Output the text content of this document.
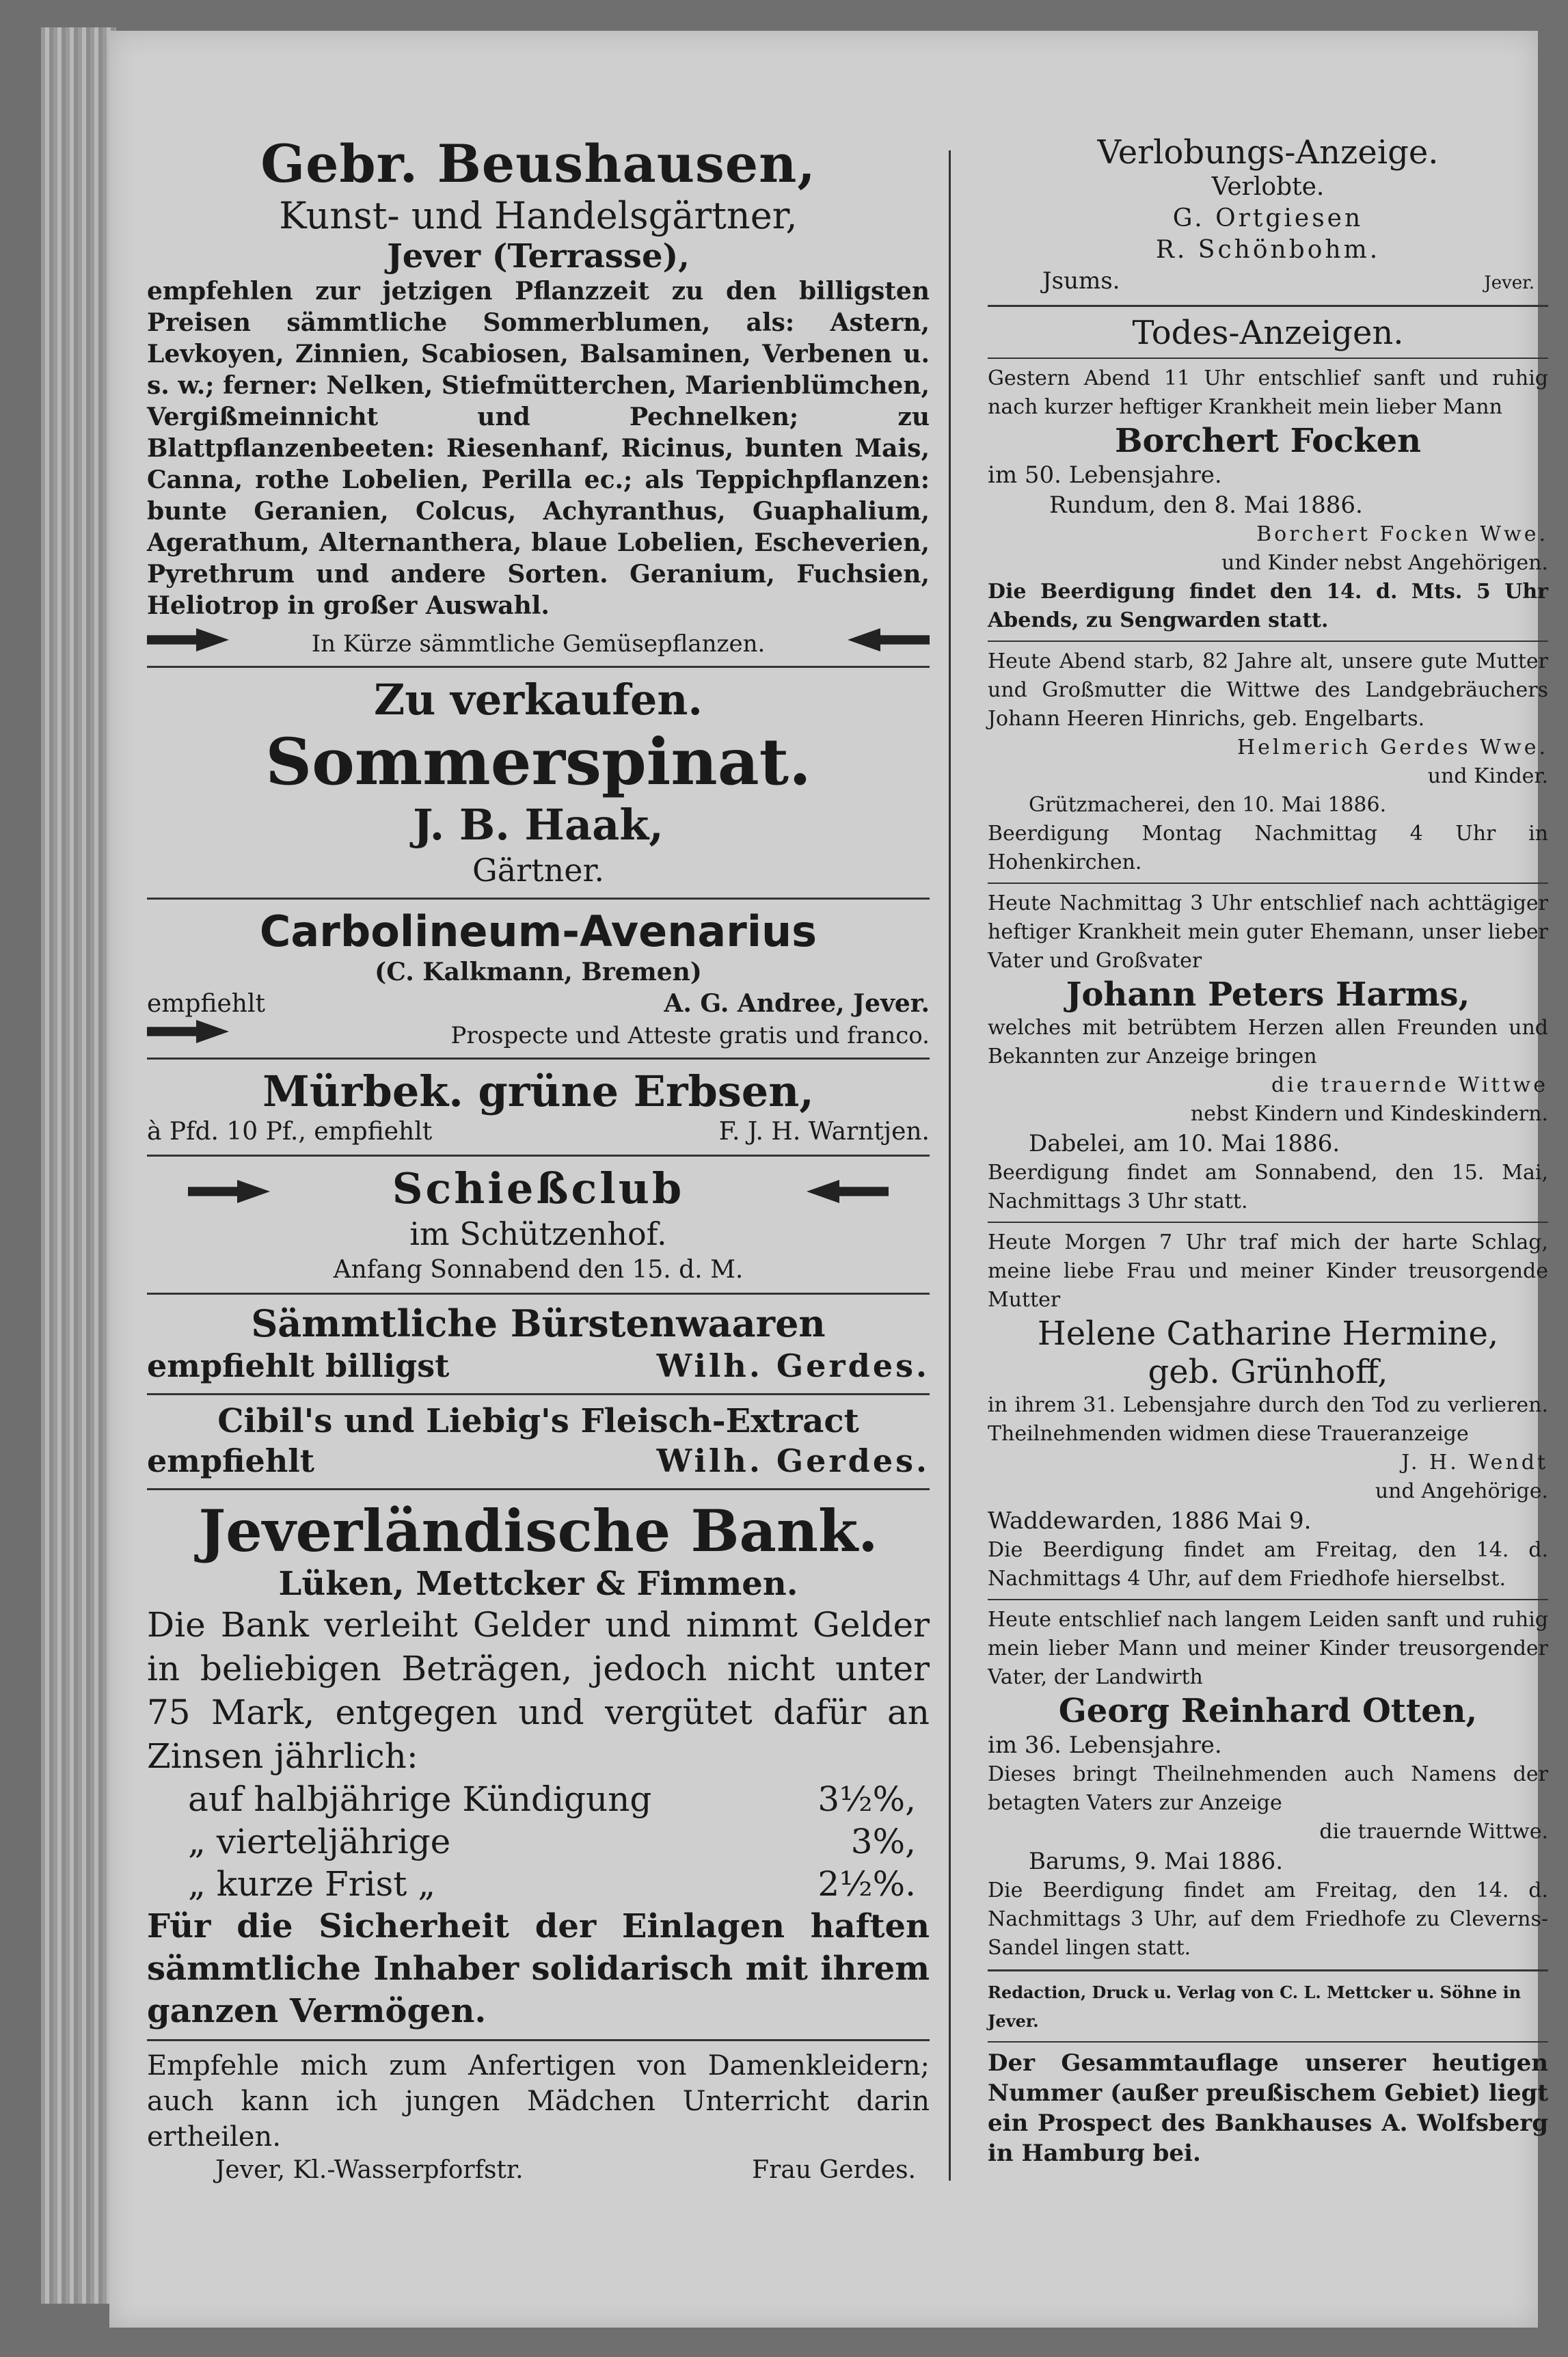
Gebr. Beushausen,
Kunst- und Handelsgärtner,
Jever (Terrasse),
empfehlen zur jetzigen Pflanzzeit zu den billigsten Preisen sämmtliche Sommerblumen, als: Astern, Levkoyen, Zinnien, Scabiosen, Balsaminen, Verbenen u. s. w.; ferner: Nelken, Stiefmütterchen, Marienblümchen, Vergißmeinnicht und Pechnelken; zu Blattpflanzenbeeten: Riesenhanf, Ricinus, bunten Mais, Canna, rothe Lobelien, Perilla ec.; als Teppichpflanzen: bunte Geranien, Colcus, Achyranthus, Guaphalium, Agerathum, Alternanthera, blaue Lobelien, Escheverien, Pyrethrum und andere Sorten. Geranium, Fuchsien, Heliotrop in großer Auswahl.
In Kürze sämmtliche Gemüsepflanzen.
Zu verkaufen.
Sommerspinat.
J. B. Haak,
Gärtner.
Carbolineum-Avenarius
(C. Kalkmann, Bremen)
empfiehlt	A. G. Andree, Jever.
Prospecte und Atteste gratis und franco.
Mürbek. grüne Erbsen,
à Pfd. 10 Pf., empfiehlt	F. J. H. Warntjen.
Schießclub
im Schützenhof.
Anfang Sonnabend den 15. d. M.
Sämmtliche Bürstenwaaren
empfiehlt billigst	Wilh. Gerdes.
Cibil's und Liebig's Fleisch-Extract
empfiehlt	Wilh. Gerdes.
Jeverländische Bank.
Lüken, Mettcker & Fimmen.
Die Bank verleiht Gelder und nimmt Gelder in beliebigen Beträgen, jedoch nicht unter 75 Mark, entgegen und vergütet dafür an Zinsen jährlich:
auf halbjährige Kündigung	3½%,
„ vierteljährige	3%,
„ kurze Frist „	2½%.
Für die Sicherheit der Einlagen haften sämmtliche Inhaber solidarisch mit ihrem ganzen Vermögen.
Empfehle mich zum Anfertigen von Damenkleidern; auch kann ich jungen Mädchen Unterricht darin ertheilen.
Jever, Kl.-Wasserpforfstr.	Frau Gerdes.
Verlobungs-Anzeige.
Verlobte.
G. Ortgiesen
R. Schönbohm.
Jsums.	Jever.
Todes-Anzeigen.
Gestern Abend 11 Uhr entschlief sanft und ruhig nach kurzer heftiger Krankheit mein lieber Mann
Borchert Focken
im 50. Lebensjahre.
Rundum, den 8. Mai 1886.
Borchert Focken Wwe.
und Kinder nebst Angehörigen.
Die Beerdigung findet den 14. d. Mts. 5 Uhr Abends, zu Sengwarden statt.
Heute Abend starb, 82 Jahre alt, unsere gute Mutter und Großmutter die Wittwe des Landgebräuchers Johann Heeren Hinrichs, geb. Engelbarts.
Helmerich Gerdes Wwe.
und Kinder.
Grützmacherei, den 10. Mai 1886.
Beerdigung Montag Nachmittag 4 Uhr in Hohenkirchen.
Heute Nachmittag 3 Uhr entschlief nach achttägiger heftiger Krankheit mein guter Ehemann, unser lieber Vater und Großvater
Johann Peters Harms,
welches mit betrübtem Herzen allen Freunden und Bekannten zur Anzeige bringen
die trauernde Wittwe
nebst Kindern und Kindeskindern.
Dabelei, am 10. Mai 1886.
Beerdigung findet am Sonnabend, den 15. Mai, Nachmittags 3 Uhr statt.
Heute Morgen 7 Uhr traf mich der harte Schlag, meine liebe Frau und meiner Kinder treusorgende Mutter
Helene Catharine Hermine,
geb. Grünhoff,
in ihrem 31. Lebensjahre durch den Tod zu verlieren. Theilnehmenden widmen diese Traueranzeige
J. H. Wendt
und Angehörige.
Waddewarden, 1886 Mai 9.
Die Beerdigung findet am Freitag, den 14. d. Nachmittags 4 Uhr, auf dem Friedhofe hierselbst.
Heute entschlief nach langem Leiden sanft und ruhig mein lieber Mann und meiner Kinder treusorgender Vater, der Landwirth
Georg Reinhard Otten,
im 36. Lebensjahre.
Dieses bringt Theilnehmenden auch Namens der betagten Vaters zur Anzeige
die trauernde Wittwe.
Barums, 9. Mai 1886.
Die Beerdigung findet am Freitag, den 14. d. Nachmittags 3 Uhr, auf dem Friedhofe zu Cleverns-Sandel lingen statt.
Redaction, Druck u. Verlag von C. L. Mettcker u. Söhne in Jever.
Der Gesammtauflage unserer heutigen Nummer (außer preußischem Gebiet) liegt ein Prospect des Bankhauses A. Wolfsberg in Hamburg bei.
